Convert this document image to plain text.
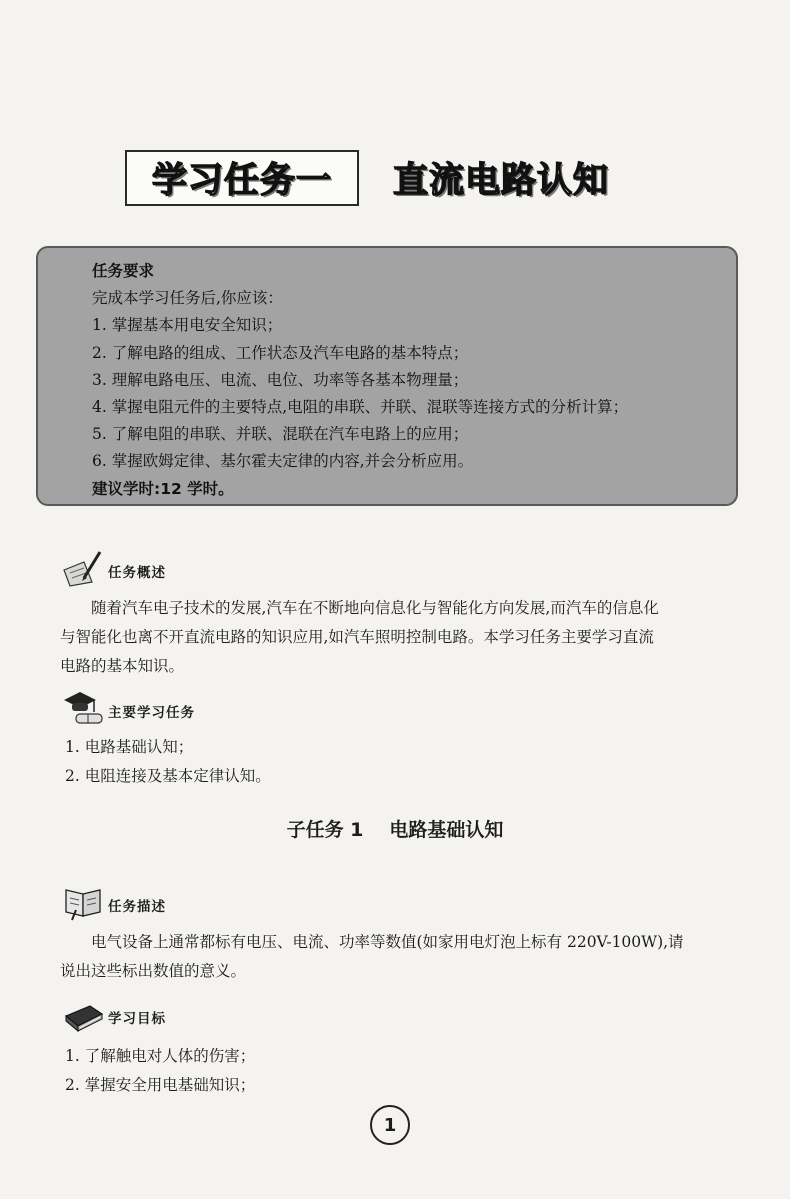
学习任务一 直流电路认知
任务要求
完成本学习任务后,你应该：
1. 掌握基本用电安全知识；
2. 了解电路的组成、工作状态及汽车电路的基本特点；
3. 理解电路电压、电流、电位、功率等各基本物理量；
4. 掌握电阻元件的主要特点,电阻的串联、并联、混联等连接方式的分析计算；
5. 了解电阻的串联、并联、混联在汽车电路上的应用；
6. 掌握欧姆定律、基尔霍夫定律的内容,并会分析应用。
建议学时:12 学时。
任务概述
随着汽车电子技术的发展,汽车在不断地向信息化与智能化方向发展,而汽车的信息化
与智能化也离不开直流电路的知识应用,如汽车照明控制电路。本学习任务主要学习直流
电路的基本知识。
主要学习任务
1. 电路基础认知；
2. 电阻连接及基本定律认知。
子任务 1 电路基础认知
任务描述
电气设备上通常都标有电压、电流、功率等数值(如家用电灯泡上标有 220V-100W),请
说出这些标出数值的意义。
学习目标
1. 了解触电对人体的伤害；
2. 掌握安全用电基础知识；
1
